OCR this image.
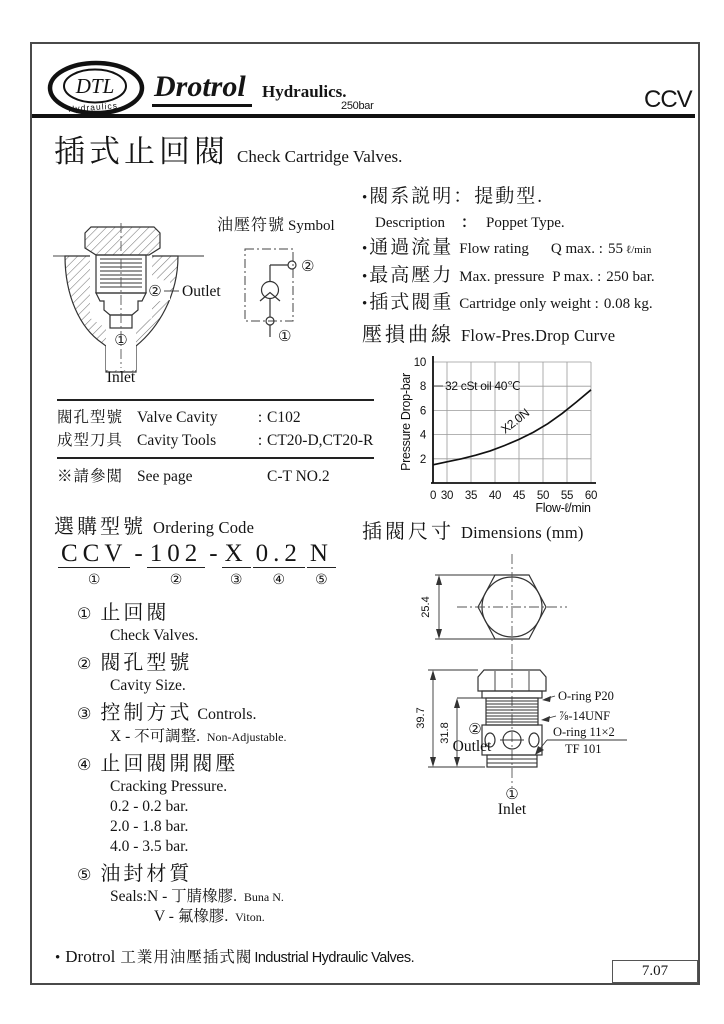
DTL
Hydraulics.
Drotrol Hydraulics.
250bar	CCV
插式止回閥 Check Cartridge Valves.
② Outlet
①
Inlet
油壓符號 Symbol
②
①
• 閥系説明：提動型.
Description ： Poppet Type.
• 通過流量 Flow rating Q max. : 55 ℓ/min
• 最高壓力 Max. pressure P max. : 250 bar.
• 插式閥重 Cartridge only weight : 0.08 kg.
壓損曲線 Flow-Pres.Drop Curve
0 30 35 40 45 50 55 60
2
4
6
8
10
32 cSt oil 40℃
X2.0N
Pressure Drop-bar
Flow-ℓ/min
閥孔型號 Valve Cavity	: C102
成型刀具 Cavity Tools	: CT20-D,CT20-R
※請參閲 See page	C-T NO.2
選購型號 Ordering Code
CCV
①
- 102
②
- X
③
0.2
④
N
⑤
① 止回閥
Check Valves.
② 閥孔型號
Cavity Size.
③ 控制方式 Controls.
X - 不可調整. Non-Adjustable.
④ 止回閥開閥壓
Cracking Pressure.
0.2 - 0.2 bar.
2.0 - 1.8 bar.
4.0 - 3.5 bar.
⑤ 油封材質
Seals:N - 丁腈橡膠. Buna N.
V - 氟橡膠. Viton.
插閥尺寸 Dimensions (mm)
25.4
39.7
31.8 ②
Outlet
①
Inlet
O-ring P20
⅞-14UNF
O-ring 11×2
TF 101
• Drotrol 工業用油壓插式閥 Industrial Hydraulic Valves.
7.07
